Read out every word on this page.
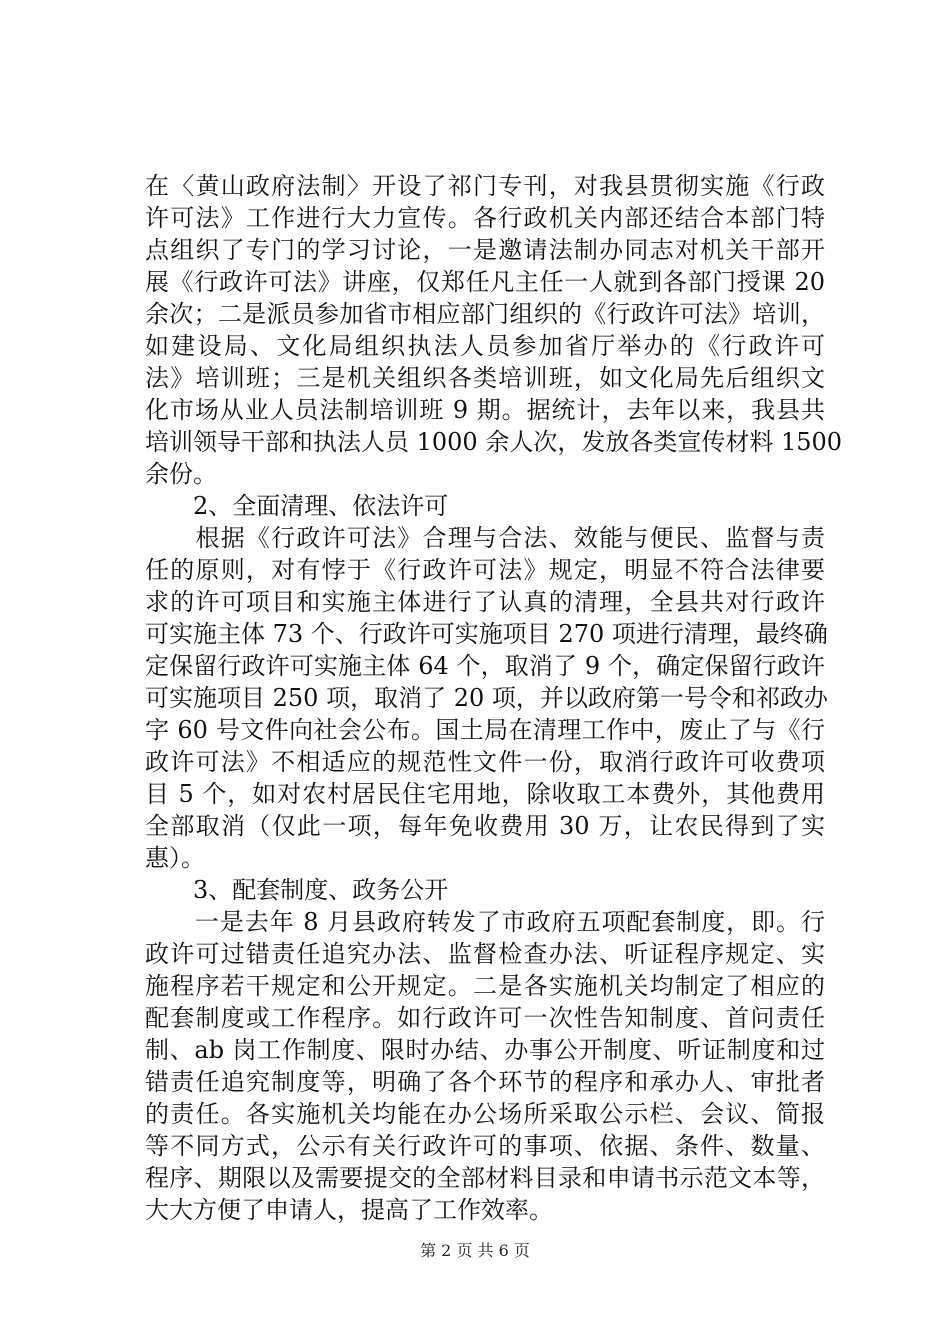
在〈黄山政府法制〉开设了祁门专刊，对我县贯彻实施《行政
许可法》工作进行大力宣传。各行政机关内部还结合本部门特
点组织了专门的学习讨论，一是邀请法制办同志对机关干部开
展《行政许可法》讲座，仅郑任凡主任一人就到各部门授课 20
余次；二是派员参加省市相应部门组织的《行政许可法》培训，
如建设局、文化局组织执法人员参加省厅举办的《行政许可
法》培训班；三是机关组织各类培训班，如文化局先后组织文
化市场从业人员法制培训班 9 期。据统计，去年以来，我县共
培训领导干部和执法人员 1000 余人次，发放各类宣传材料 1500
余份。
　　2、全面清理、依法许可
　　根据《行政许可法》合理与合法、效能与便民、监督与责
任的原则，对有悖于《行政许可法》规定，明显不符合法律要
求的许可项目和实施主体进行了认真的清理，全县共对行政许
可实施主体 73 个、行政许可实施项目 270 项进行清理，最终确
定保留行政许可实施主体 64 个，取消了 9 个，确定保留行政许
可实施项目 250 项，取消了 20 项，并以政府第一号令和祁政办
字 60 号文件向社会公布。国土局在清理工作中，废止了与《行
政许可法》不相适应的规范性文件一份，取消行政许可收费项
目 5 个，如对农村居民住宅用地，除收取工本费外，其他费用
全部取消（仅此一项，每年免收费用 30 万，让农民得到了实
惠）。
　　3、配套制度、政务公开
　　一是去年 8 月县政府转发了市政府五项配套制度，即。行
政许可过错责任追究办法、监督检查办法、听证程序规定、实
施程序若干规定和公开规定。二是各实施机关均制定了相应的
配套制度或工作程序。如行政许可一次性告知制度、首问责任
制、ab 岗工作制度、限时办结、办事公开制度、听证制度和过
错责任追究制度等，明确了各个环节的程序和承办人、审批者
的责任。各实施机关均能在办公场所采取公示栏、会议、简报
等不同方式，公示有关行政许可的事项、依据、条件、数量、
程序、期限以及需要提交的全部材料目录和申请书示范文本等，
大大方便了申请人，提高了工作效率。
第 2 页 共 6 页
